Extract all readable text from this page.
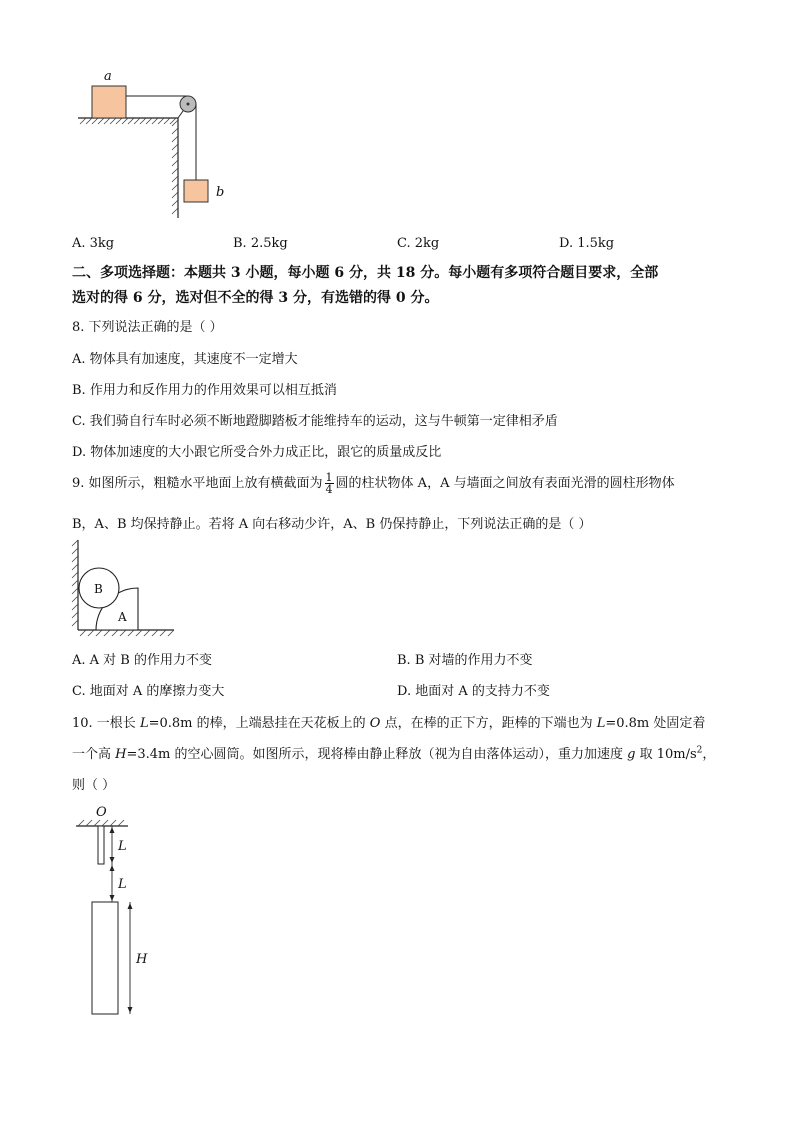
a
b
A. 3kg	B. 2.5kg	C. 2kg	D. 1.5kg
二、多项选择题：本题共 3 小题，每小题 6 分，共 18 分。每小题有多项符合题目要求，全部
选对的得 6 分，选对但不全的得 3 分，有选错的得 0 分。
8. 下列说法正确的是（ ）
A. 物体具有加速度，其速度不一定增大
B. 作用力和反作用力的作用效果可以相互抵消
C. 我们骑自行车时必须不断地蹬脚踏板才能维持车的运动，这与牛顿第一定律相矛盾
D. 物体加速度的大小跟它所受合外力成正比，跟它的质量成反比
9. 如图所示，粗糙水平地面上放有横截面为 $\frac{1}{4}$ 圆的柱状物体 A，A 与墙面之间放有表面光滑的圆柱形物体
B，A、B 均保持静止。若将 A 向右移动少许，A、B 仍保持静止，下列说法正确的是（ ）
B
A
A. A 对 B 的作用力不变	B. B 对墙的作用力不变
C. 地面对 A 的摩擦力变大	D. 地面对 A 的支持力不变
10. 一根长 L=0.8m 的棒，上端悬挂在天花板上的 O 点，在棒的正下方，距棒的下端也为 L=0.8m 处固定着
一个高 H=3.4m 的空心圆筒。如图所示，现将棒由静止释放（视为自由落体运动），重力加速度 g 取 $10m/s^2$，
则（ ）
O
L
L
H
